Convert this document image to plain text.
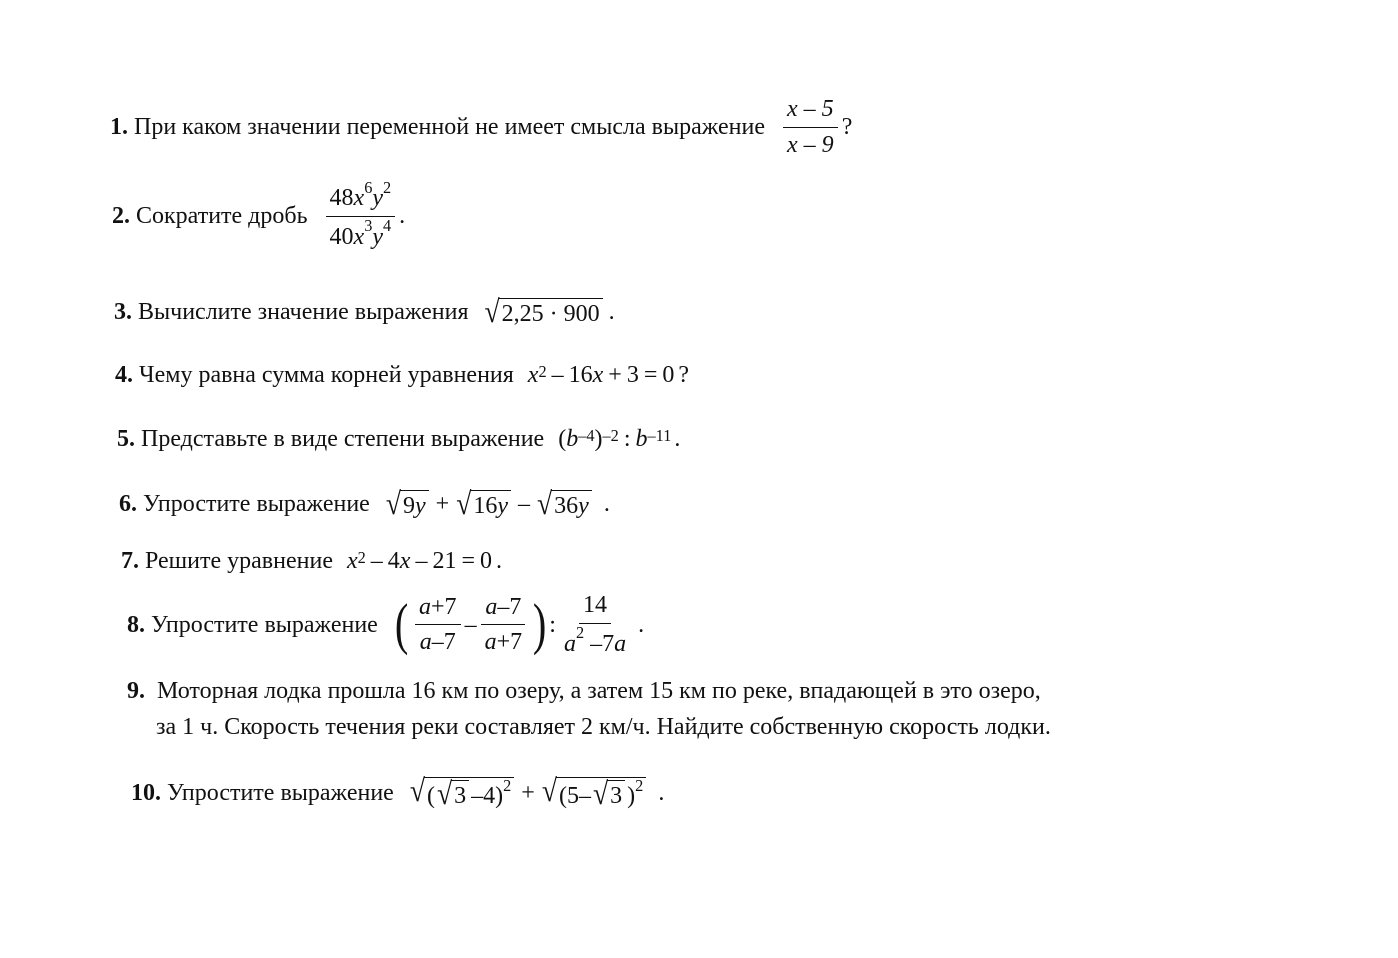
1. При каком значении переменной не имеет смысла выражение $\frac{x - 5}{x - 9}$ ?
2. Сократите дробь $\frac{48x^6y^2}{40x^3y^4}$ .
3. Вычислите значение выражения √ 2,25 · 900 .
4. Чему равна сумма корней уравнения $x^2 - 16$ x + 3 = 0 ?
5. Представьте в виде степени выражение ( $b^{-4}$ )$^{-2}$ : $b^{-11}$ .
6. Упростите выражение √ 9y + √ 16y – √ 36y .
7. Решите уравнение $x^2 - 4$ x – 21 = 0 .
8. Упростите выражение ( $\frac{a+7}{a-7} - \frac{a-7}{a+7}$ ) : $\frac{14}{a^2 -7a}$ .
9. Моторная лодка прошла 16 км по озеру, а затем 15 км по реке, впадающей в это озеро,
за 1 ч. Скорость течения реки составляет 2 км/ч. Найдите собственную скорость лодки.
10. Упростите выражение √ ( √ 3 –4)$^2$ + √ (5– √ 3 )$^2$ .
